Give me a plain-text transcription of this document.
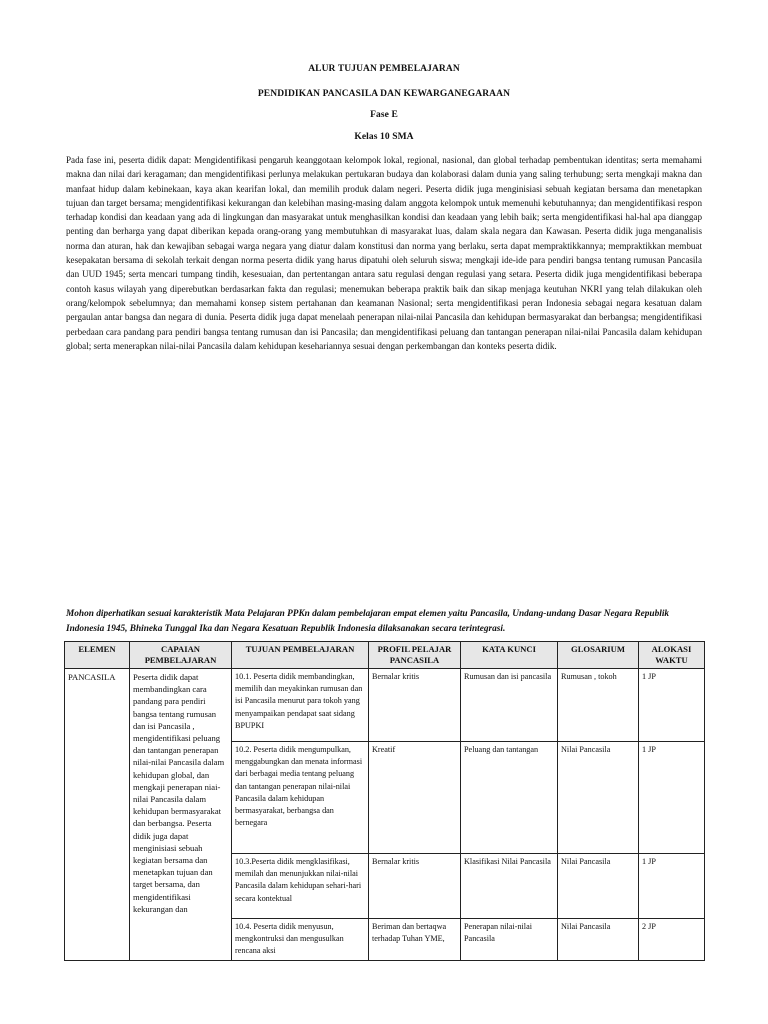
ALUR TUJUAN PEMBELAJARAN
PENDIDIKAN PANCASILA DAN KEWARGANEGARAAN
Fase E
Kelas 10 SMA

Pada fase ini, peserta didik dapat: Mengidentifikasi pengaruh keanggotaan kelompok lokal, regional, nasional, dan global terhadap pembentukan identitas; serta memahami makna dan nilai dari keragaman; dan mengidentifikasi perlunya melakukan pertukaran budaya dan kolaborasi dalam dunia yang saling terhubung; serta mengkaji makna dan manfaat hidup dalam kebinekaan, kaya akan kearifan lokal, dan memilih produk dalam negeri. Peserta didik juga menginisiasi sebuah kegiatan bersama dan menetapkan tujuan dan target bersama; mengidentifikasi kekurangan dan kelebihan masing-masing dalam anggota kelompok untuk memenuhi kebutuhannya; dan mengidentifikasi respon terhadap kondisi dan keadaan yang ada di lingkungan dan masyarakat untuk menghasilkan kondisi dan keadaan yang lebih baik; serta mengidentifikasi hal-hal apa dianggap penting dan berharga yang dapat diberikan kepada orang-orang yang membutuhkan di masyarakat luas, dalam skala negara dan Kawasan. Peserta didik juga menganalisis norma dan aturan, hak dan kewajiban sebagai warga negara yang diatur dalam konstitusi dan norma yang berlaku, serta dapat mempraktikkannya; mempraktikkan membuat kesepakatan bersama di sekolah terkait dengan norma peserta didik yang harus dipatuhi oleh seluruh siswa; mengkaji ide-ide para pendiri bangsa tentang rumusan Pancasila dan UUD 1945; serta mencari tumpang tindih, kesesuaian, dan pertentangan antara satu regulasi dengan regulasi yang setara. Peserta didik juga mengidentifikasi beberapa contoh kasus wilayah yang diperebutkan berdasarkan fakta dan regulasi; menemukan beberapa praktik baik dan sikap menjaga keutuhan NKRI yang telah dilakukan oleh orang/kelompok sebelumnya; dan memahami konsep sistem pertahanan dan keamanan Nasional; serta mengidentifikasi peran Indonesia sebagai negara kesatuan dalam pergaulan antar bangsa dan negara di dunia. Peserta didik juga dapat menelaah penerapan nilai-nilai Pancasila dan kehidupan bermasyarakat dan berbangsa; mengidentifikasi perbedaan cara pandang para pendiri bangsa tentang rumusan dan isi Pancasila; dan mengidentifikasi peluang dan tantangan penerapan nilai-nilai Pancasila dalam kehidupan global; serta menerapkan nilai-nilai Pancasila dalam kehidupan kesehariannya sesuai dengan perkembangan dan konteks peserta didik.

Mohon diperhatikan sesuai karakteristik Mata Pelajaran PPKn dalam pembelajaran empat elemen yaitu Pancasila, Undang-undang Dasar Negara Republik Indonesia 1945, Bhineka Tunggal Ika dan Negara Kesatuan Republik Indonesia dilaksanakan secara terintegrasi.

ELEMEN	CAPAIAN PEMBELAJARAN	TUJUAN PEMBELAJARAN	PROFIL PELAJAR PANCASILA	KATA KUNCI	GLOSARIUM	ALOKASI WAKTU
PANCASILA	Peserta didik dapat membandingkan cara pandang para pendiri bangsa tentang rumusan dan isi Pancasila , mengidentifikasi peluang dan tantangan penerapan nilai-nilai Pancasila dalam kehidupan global, dan mengkaji penerapan niai-nilai Pancasila dalam kehidupan bermasyarakat dan berbangsa. Peserta didik juga dapat menginisiasi sebuah kegiatan bersama dan menetapkan tujuan dan target bersama, dan mengidentifikasi kekurangan dan	10.1. Peserta didik membandingkan, memilih dan meyakinkan rumusan dan isi Pancasila menurut para tokoh yang menyampaikan pendapat saat sidang BPUPKI	Bernalar kritis	Rumusan dan isi pancasila	Rumusan , tokoh	1 JP
		10.2. Peserta didik mengumpulkan, menggabungkan dan menata informasi dari berbagai media tentang peluang dan tantangan penerapan nilai-nilai Pancasila dalam kehidupan bermasyarakat, berbangsa dan bernegara	Kreatif	Peluang dan tantangan	Nilai Pancasila	1 JP
		10.3.Peserta didik mengklasifikasi, memilah dan menunjukkan nilai-nilai Pancasila dalam kehidupan sehari-hari secara kontektual	Bernalar kritis	Klasifikasi Nilai Pancasila	Nilai Pancasila	1 JP
		10.4. Peserta didik menyusun, mengkontruksi dan mengusulkan rencana aksi	Beriman dan bertaqwa terhadap Tuhan YME,	Penerapan nilai-nilai Pancasila	Nilai Pancasila	2 JP
